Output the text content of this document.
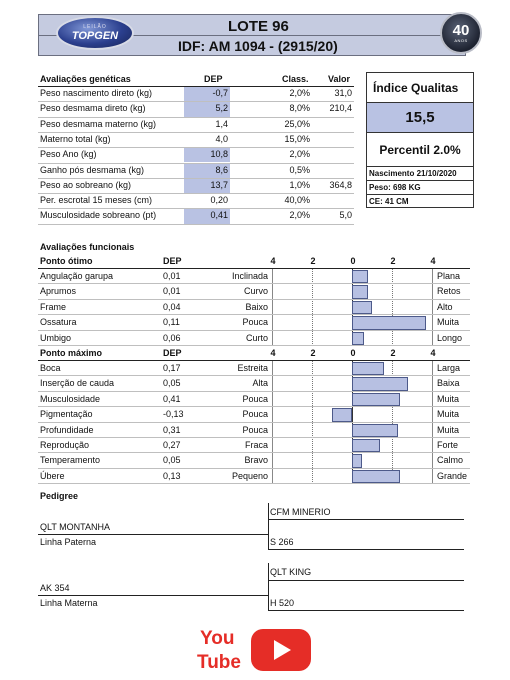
LOTE 96
IDF: AM 1094 - (2915/20)
LEILÃO
TOPGEN	40
ANOS
Avaliações genéticas	DEP	Class. Valor
Peso nascimento direto (kg)	-0,7	2,0%	31,0
Peso desmama direto (kg)	5,2	8,0%	210,4
Peso desmama materno (kg)	1,4	25,0%
Materno total (kg)	4,0	15,0%
Peso Ano (kg)	10,8	2,0%
Ganho pós desmama (kg)	8,6	0,5%
Peso ao sobreano (kg)	13,7	1,0%	364,8
Per. escrotal 15 meses (cm)	0,20	40,0%
Musculosidade sobreano (pt)	0,41	2,0%	5,0
Índice Qualitas
15,5
Percentil 2.0%
Nascimento 21/10/2020
Peso: 698 KG
CE: 41 CM
Avaliações funcionais
Ponto ótimo	DEP	4	2	0	2	4
Angulação garupa	0,01	Inclinada	Plana
Aprumos	0,01	Curvo	Retos
Frame	0,04	Baixo	Alto
Ossatura	0,11	Pouca	Muita
Umbigo	0,06	Curto	Longo
Ponto máximo	DEP	4	2	0	2	4
Boca	0,17	Estreita	Larga
Inserção de cauda	0,05	Alta	Baixa
Musculosidade	0,41	Pouca	Muita
Pigmentação	-0,13	Pouca	Muita
Profundidade	0,31	Pouca	Muita
Reprodução	0,27	Fraca	Forte
Temperamento	0,05	Bravo	Calmo
Úbere	0,13	Pequeno	Grande
Pedigree
CFM MINERIO
QLT MONTANHA
Linha Paterna	S 266
QLT KING
AK 354
Linha Materna	H 520
You
Tube
